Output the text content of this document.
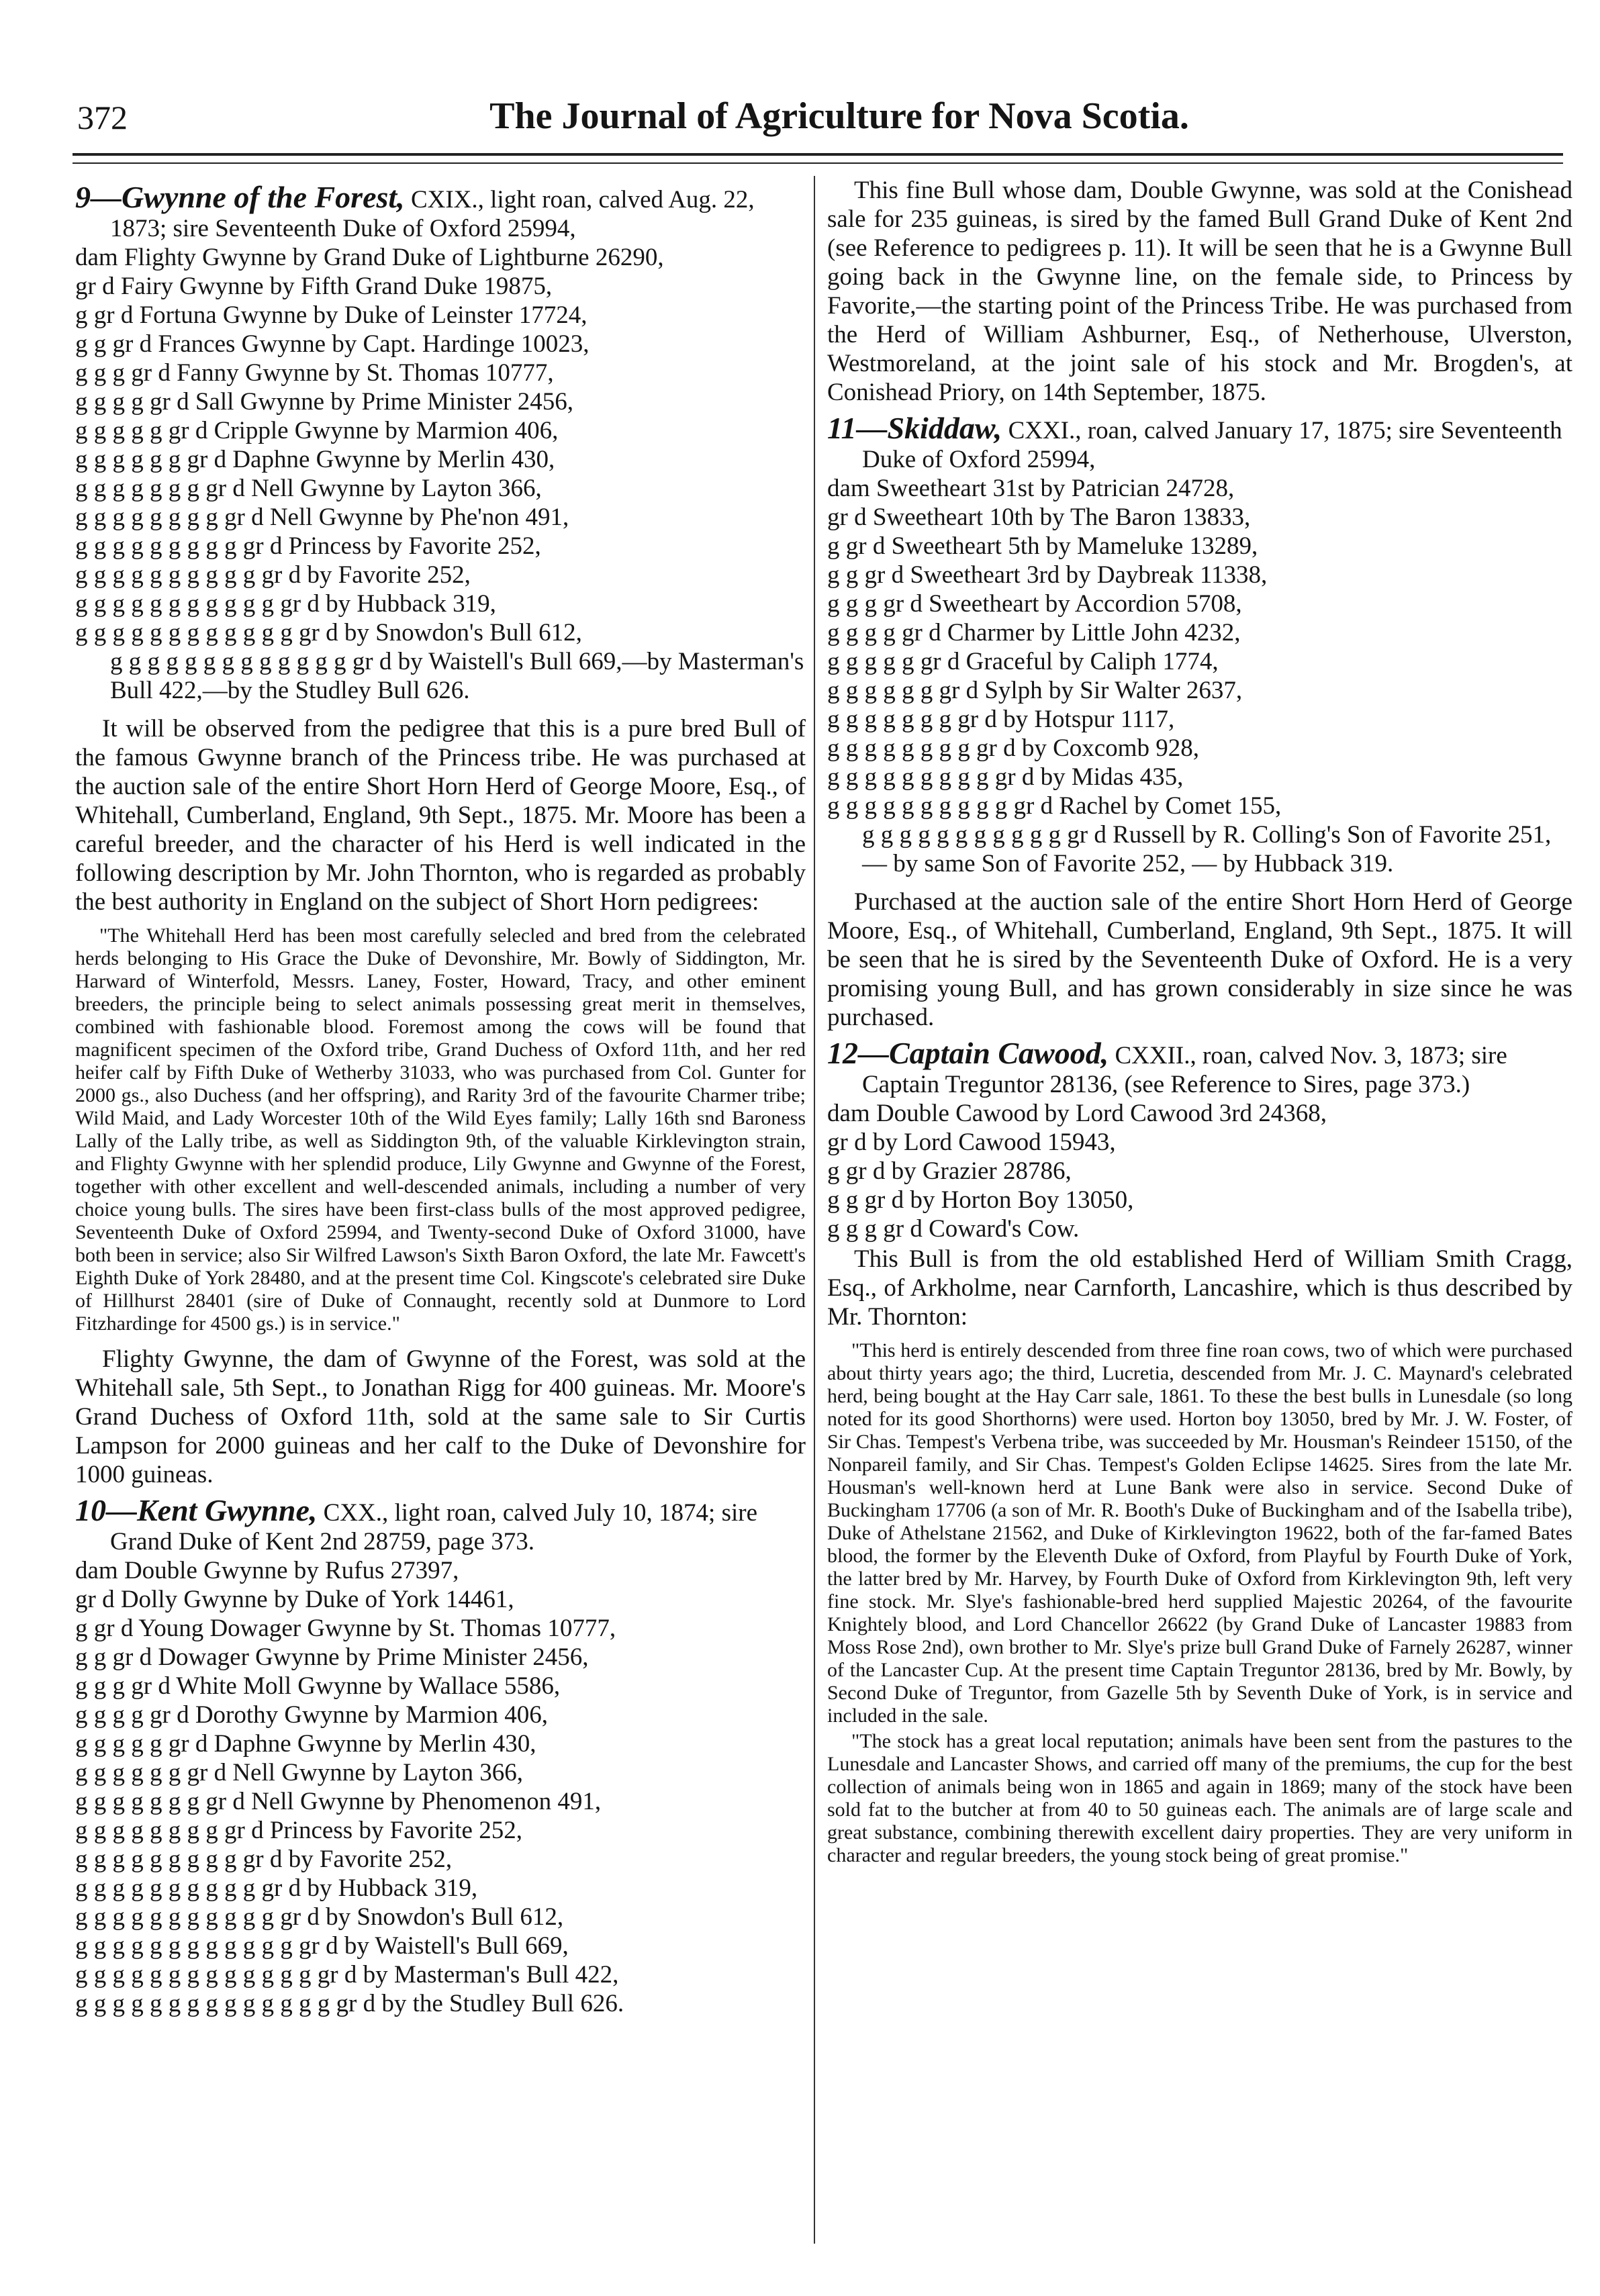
372	The Journal of Agriculture for Nova Scotia.
9—Gwynne of the Forest, CXIX., light roan, calved Aug. 22, 1873; sire Seventeenth Duke of Oxford 25994,
dam Flighty Gwynne by Grand Duke of Lightburne 26290,
gr d Fairy Gwynne by Fifth Grand Duke 19875,
g gr d Fortuna Gwynne by Duke of Leinster 17724,
g g gr d Frances Gwynne by Capt. Hardinge 10023,
g g g gr d Fanny Gwynne by St. Thomas 10777,
g g g g gr d Sall Gwynne by Prime Minister 2456,
g g g g g gr d Cripple Gwynne by Marmion 406,
g g g g g g gr d Daphne Gwynne by Merlin 430,
g g g g g g g gr d Nell Gwynne by Layton 366,
g g g g g g g g gr d Nell Gwynne by Phe'non 491,
g g g g g g g g g gr d Princess by Favorite 252,
g g g g g g g g g g gr d by Favorite 252,
g g g g g g g g g g g gr d by Hubback 319,
g g g g g g g g g g g g gr d by Snowdon's Bull 612,
g g g g g g g g g g g g g gr d by Waistell's Bull 669,—by Masterman's Bull 422,—by the Studley Bull 626.

It will be observed from the pedigree that this is a pure bred Bull of the famous Gwynne branch of the Princess tribe. He was purchased at the auction sale of the entire Short Horn Herd of George Moore, Esq., of Whitehall, Cumberland, England, 9th Sept., 1875. Mr. Moore has been a careful breeder, and the character of his Herd is well indicated in the following description by Mr. John Thornton, who is regarded as probably the best authority in England on the subject of Short Horn pedigrees:

"The Whitehall Herd has been most carefully selecled and bred from the celebrated herds belonging to His Grace the Duke of Devonshire, Mr. Bowly of Siddington, Mr. Harward of Winterfold, Messrs. Laney, Foster, Howard, Tracy, and other eminent breeders, the principle being to select animals possessing great merit in themselves, combined with fashionable blood. Foremost among the cows will be found that magnificent specimen of the Oxford tribe, Grand Duchess of Oxford 11th, and her red heifer calf by Fifth Duke of Wetherby 31033, who was purchased from Col. Gunter for 2000 gs., also Duchess (and her offspring), and Rarity 3rd of the favourite Charmer tribe; Wild Maid, and Lady Worcester 10th of the Wild Eyes family; Lally 16th snd Baroness Lally of the Lally tribe, as well as Siddington 9th, of the valuable Kirklevington strain, and Flighty Gwynne with her splendid produce, Lily Gwynne and Gwynne of the Forest, together with other excellent and well-descended animals, including a number of very choice young bulls. The sires have been first-class bulls of the most approved pedigree, Seventeenth Duke of Oxford 25994, and Twenty-second Duke of Oxford 31000, have both been in service; also Sir Wilfred Lawson's Sixth Baron Oxford, the late Mr. Fawcett's Eighth Duke of York 28480, and at the present time Col. Kingscote's celebrated sire Duke of Hillhurst 28401 (sire of Duke of Connaught, recently sold at Dunmore to Lord Fitzhardinge for 4500 gs.) is in service."

Flighty Gwynne, the dam of Gwynne of the Forest, was sold at the Whitehall sale, 5th Sept., to Jonathan Rigg for 400 guineas. Mr. Moore's Grand Duchess of Oxford 11th, sold at the same sale to Sir Curtis Lampson for 2000 guineas and her calf to the Duke of Devonshire for 1000 guineas.

10—Kent Gwynne, CXX., light roan, calved July 10, 1874; sire Grand Duke of Kent 2nd 28759, page 373.
dam Double Gwynne by Rufus 27397,
gr d Dolly Gwynne by Duke of York 14461,
g gr d Young Dowager Gwynne by St. Thomas 10777,
g g gr d Dowager Gwynne by Prime Minister 2456,
g g g gr d White Moll Gwynne by Wallace 5586,
g g g g gr d Dorothy Gwynne by Marmion 406,
g g g g g gr d Daphne Gwynne by Merlin 430,
g g g g g g gr d Nell Gwynne by Layton 366,
g g g g g g g gr d Nell Gwynne by Phenomenon 491,
g g g g g g g g gr d Princess by Favorite 252,
g g g g g g g g g gr d by Favorite 252,
g g g g g g g g g g gr d by Hubback 319,
g g g g g g g g g g g gr d by Snowdon's Bull 612,
g g g g g g g g g g g g gr d by Waistell's Bull 669,
g g g g g g g g g g g g g gr d by Masterman's Bull 422,
g g g g g g g g g g g g g g gr d by the Studley Bull 626.

This fine Bull whose dam, Double Gwynne, was sold at the Conishead sale for 235 guineas, is sired by the famed Bull Grand Duke of Kent 2nd (see Reference to pedigrees p. 11). It will be seen that he is a Gwynne Bull going back in the Gwynne line, on the female side, to Princess by Favorite,—the starting point of the Princess Tribe. He was purchased from the Herd of William Ashburner, Esq., of Netherhouse, Ulverston, Westmoreland, at the joint sale of his stock and Mr. Brogden's, at Conishead Priory, on 14th September, 1875.

11—Skiddaw, CXXI., roan, calved January 17, 1875; sire Seventeenth Duke of Oxford 25994,
dam Sweetheart 31st by Patrician 24728,
gr d Sweetheart 10th by The Baron 13833,
g gr d Sweetheart 5th by Mameluke 13289,
g g gr d Sweetheart 3rd by Daybreak 11338,
g g g gr d Sweetheart by Accordion 5708,
g g g g gr d Charmer by Little John 4232,
g g g g g gr d Graceful by Caliph 1774,
g g g g g g gr d Sylph by Sir Walter 2637,
g g g g g g g gr d by Hotspur 1117,
g g g g g g g g gr d by Coxcomb 928,
g g g g g g g g g gr d by Midas 435,
g g g g g g g g g g gr d Rachel by Comet 155,
g g g g g g g g g g g gr d Russell by R. Colling's Son of Favorite 251, — by same Son of Favorite 252, — by Hubback 319.

Purchased at the auction sale of the entire Short Horn Herd of George Moore, Esq., of Whitehall, Cumberland, England, 9th Sept., 1875. It will be seen that he is sired by the Seventeenth Duke of Oxford. He is a very promising young Bull, and has grown considerably in size since he was purchased.

12—Captain Cawood, CXXII., roan, calved Nov. 3, 1873; sire Captain Treguntor 28136, (see Reference to Sires, page 373.)
dam Double Cawood by Lord Cawood 3rd 24368,
gr d by Lord Cawood 15943,
g gr d by Grazier 28786,
g g gr d by Horton Boy 13050,
g g g gr d Coward's Cow.

This Bull is from the old established Herd of William Smith Cragg, Esq., of Arkholme, near Carnforth, Lancashire, which is thus described by Mr. Thornton:

"This herd is entirely descended from three fine roan cows, two of which were purchased about thirty years ago; the third, Lucretia, descended from Mr. J. C. Maynard's celebrated herd, being bought at the Hay Carr sale, 1861. To these the best bulls in Lunesdale (so long noted for its good Shorthorns) were used. Horton boy 13050, bred by Mr. J. W. Foster, of Sir Chas. Tempest's Verbena tribe, was succeeded by Mr. Housman's Reindeer 15150, of the Nonpareil family, and Sir Chas. Tempest's Golden Eclipse 14625. Sires from the late Mr. Housman's well-known herd at Lune Bank were also in service. Second Duke of Buckingham 17706 (a son of Mr. R. Booth's Duke of Buckingham and of the Isabella tribe), Duke of Athelstane 21562, and Duke of Kirklevington 19622, both of the far-famed Bates blood, the former by the Eleventh Duke of Oxford, from Playful by Fourth Duke of York, the latter bred by Mr. Harvey, by Fourth Duke of Oxford from Kirklevington 9th, left very fine stock. Mr. Slye's fashionable-bred herd supplied Majestic 20264, of the favourite Knightely blood, and Lord Chancellor 26622 (by Grand Duke of Lancaster 19883 from Moss Rose 2nd), own brother to Mr. Slye's prize bull Grand Duke of Farnely 26287, winner of the Lancaster Cup. At the present time Captain Treguntor 28136, bred by Mr. Bowly, by Second Duke of Treguntor, from Gazelle 5th by Seventh Duke of York, is in service and included in the sale.

"The stock has a great local reputation; animals have been sent from the pastures to the Lunesdale and Lancaster Shows, and carried off many of the premiums, the cup for the best collection of animals being won in 1865 and again in 1869; many of the stock have been sold fat to the butcher at from 40 to 50 guineas each. The animals are of large scale and great substance, combining therewith excellent dairy properties. They are very uniform in character and regular breeders, the young stock being of great promise."
